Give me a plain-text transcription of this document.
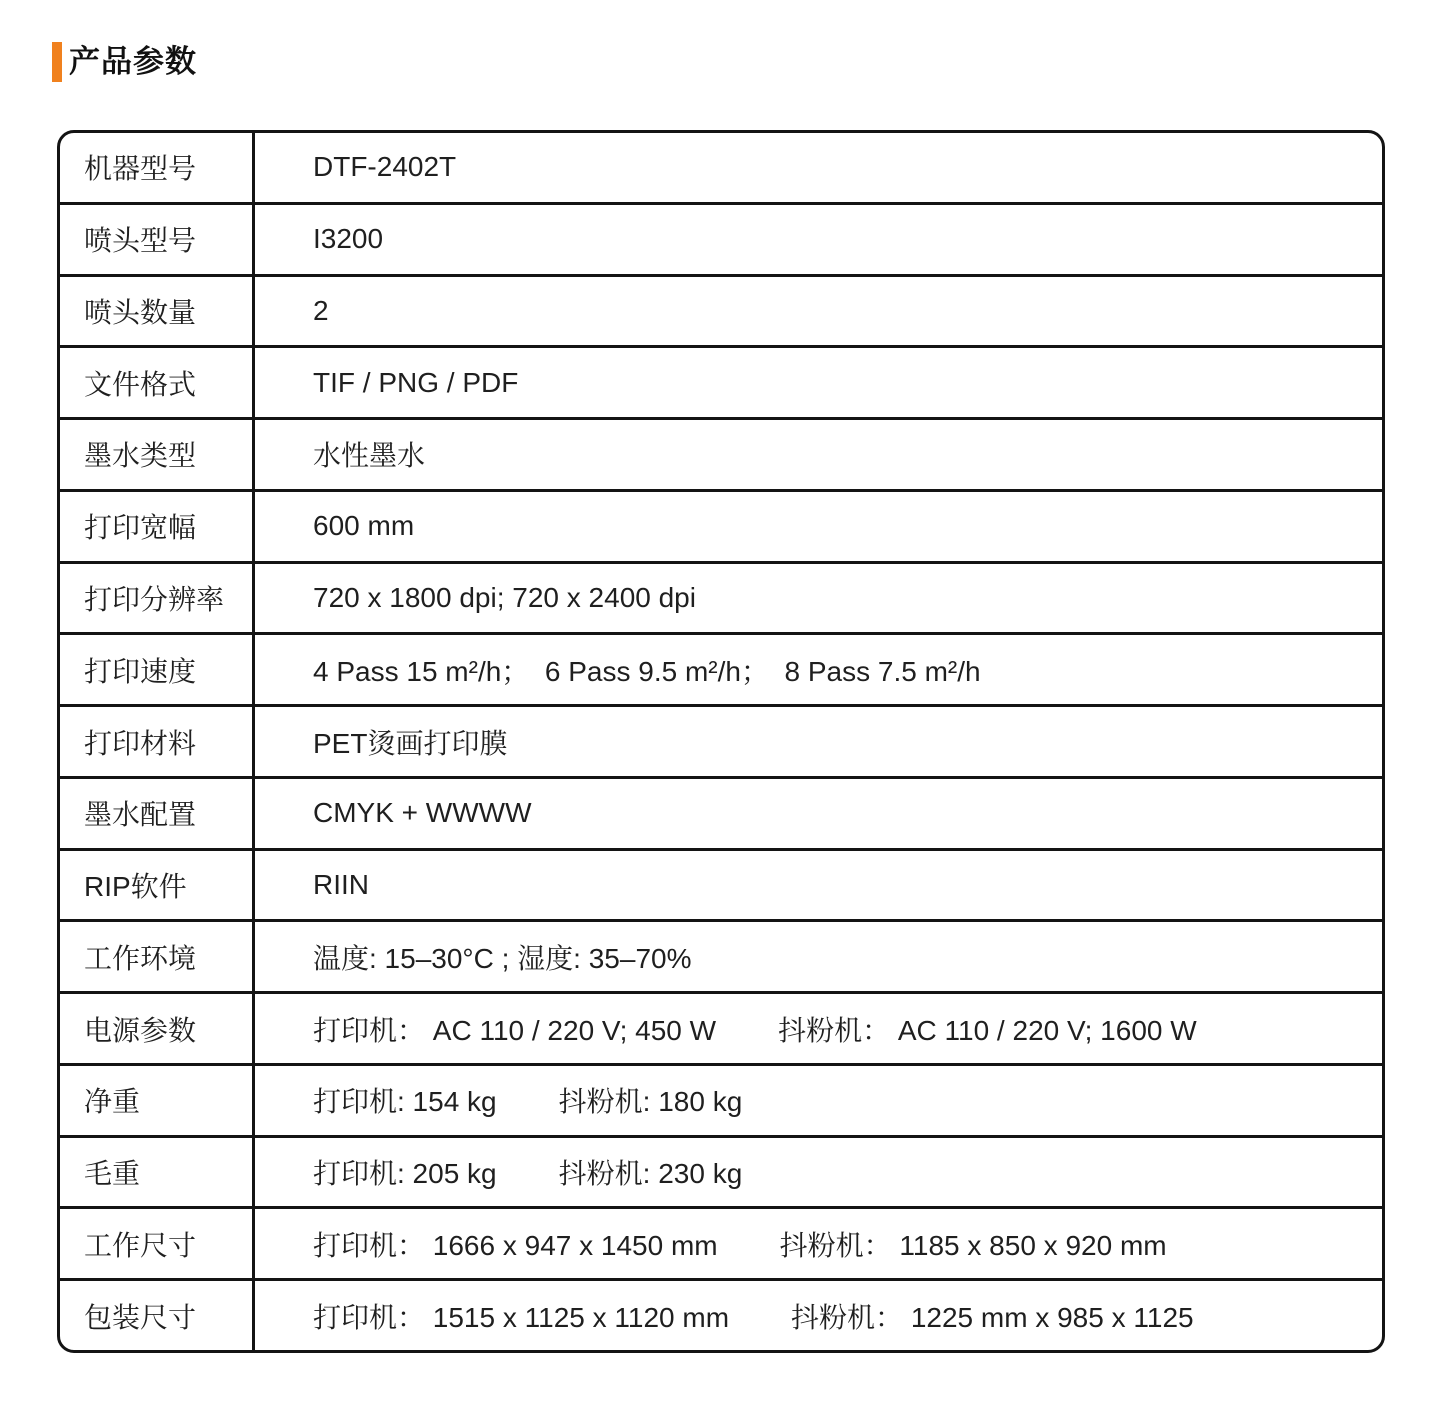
产品参数
机器型号	DTF-2402T
喷头型号	I3200
喷头数量	2
文件格式	TIF / PNG / PDF
墨水类型	水性墨水
打印宽幅	600 mm
打印分辨率	720 x 1800 dpi; 720 x 2400 dpi
打印速度	4 Pass 15 m²/h；  6 Pass 9.5 m²/h；  8 Pass 7.5 m²/h
打印材料	PET烫画打印膜
墨水配置	CMYK + WWWW
RIP软件	RIIN
工作环境	温度: 15–30°C ; 湿度: 35–70%
电源参数	打印机： AC 110 / 220 V; 450 W 抖粉机： AC 110 / 220 V; 1600 W
净重	打印机: 154 kg 抖粉机: 180 kg
毛重	打印机: 205 kg 抖粉机: 230 kg
工作尺寸	打印机： 1666 x 947 x 1450 mm 抖粉机： 1185 x 850 x 920 mm
包装尺寸	打印机： 1515 x 1125 x 1120 mm 抖粉机： 1225 mm x 985 x 1125
